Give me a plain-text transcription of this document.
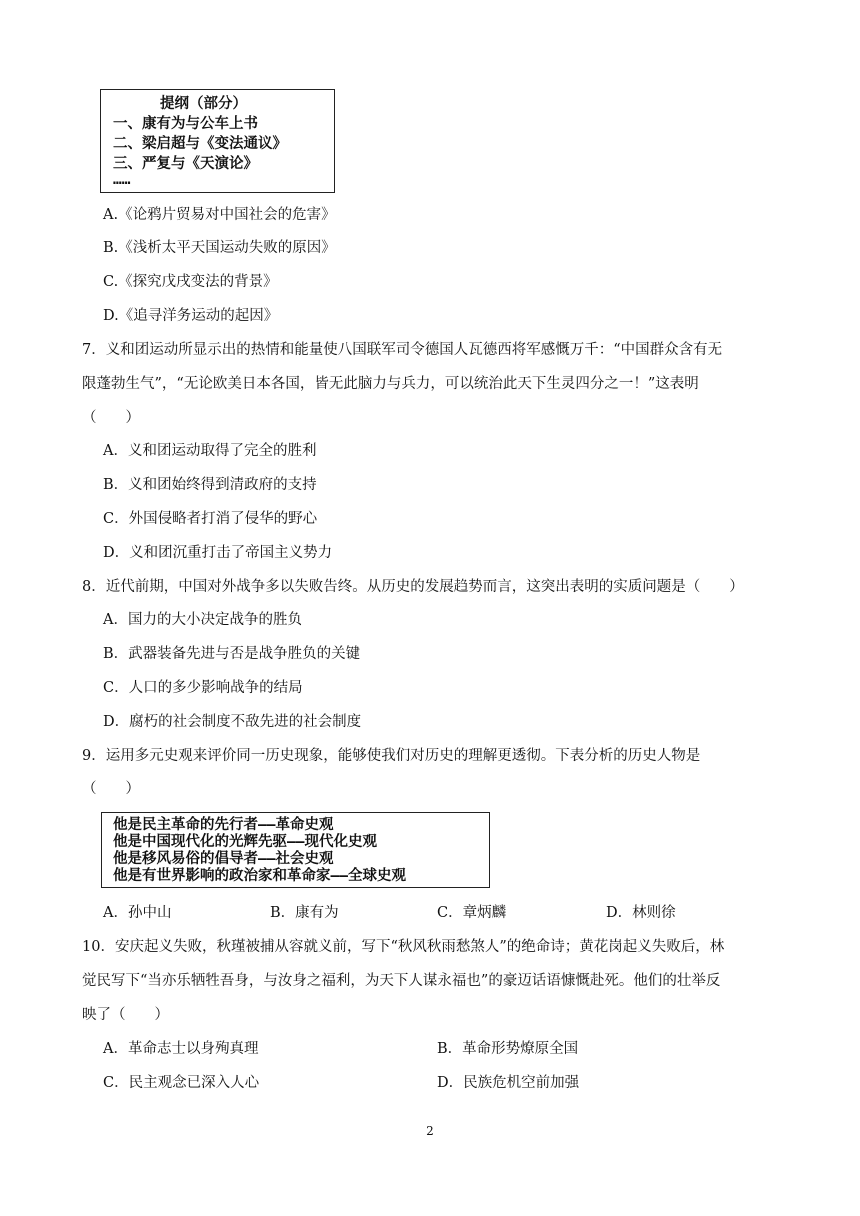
提纲（部分）
一、康有为与公车上书
二、梁启超与《变法通议》
三、严复与《天演论》
……
A.《论鸦片贸易对中国社会的危害》
B.《浅析太平天国运动失败的原因》
C.《探究戊戌变法的背景》
D.《追寻洋务运动的起因》
7．义和团运动所显示出的热情和能量使八国联军司令德国人瓦德西将军感慨万千：“中国群众含有无
限蓬勃生气”，“无论欧美日本各国，皆无此脑力与兵力，可以统治此天下生灵四分之一！”这表明
（　　）
A．义和团运动取得了完全的胜利
B．义和团始终得到清政府的支持
C．外国侵略者打消了侵华的野心
D．义和团沉重打击了帝国主义势力
8．近代前期，中国对外战争多以失败告终。从历史的发展趋势而言，这突出表明的实质问题是（　　）
A．国力的大小决定战争的胜负
B．武器装备先进与否是战争胜负的关键
C．人口的多少影响战争的结局
D．腐朽的社会制度不敌先进的社会制度
9．运用多元史观来评价同一历史现象，能够使我们对历史的理解更透彻。下表分析的历史人物是
（　　）
他是民主革命的先行者——革命史观
他是中国现代化的光辉先驱——现代化史观
他是移风易俗的倡导者——社会史观
他是有世界影响的政治家和革命家——全球史观
A．孙中山	B．康有为	C．章炳麟	D．林则徐
10．安庆起义失败，秋瑾被捕从容就义前，写下“秋风秋雨愁煞人”的绝命诗；黄花岗起义失败后，林
觉民写下“当亦乐牺牲吾身，与汝身之福利，为天下人谋永福也”的豪迈话语慷慨赴死。他们的壮举反
映了（　　）
A．革命志士以身殉真理	B．革命形势燎原全国
C．民主观念已深入人心	D．民族危机空前加强
2
